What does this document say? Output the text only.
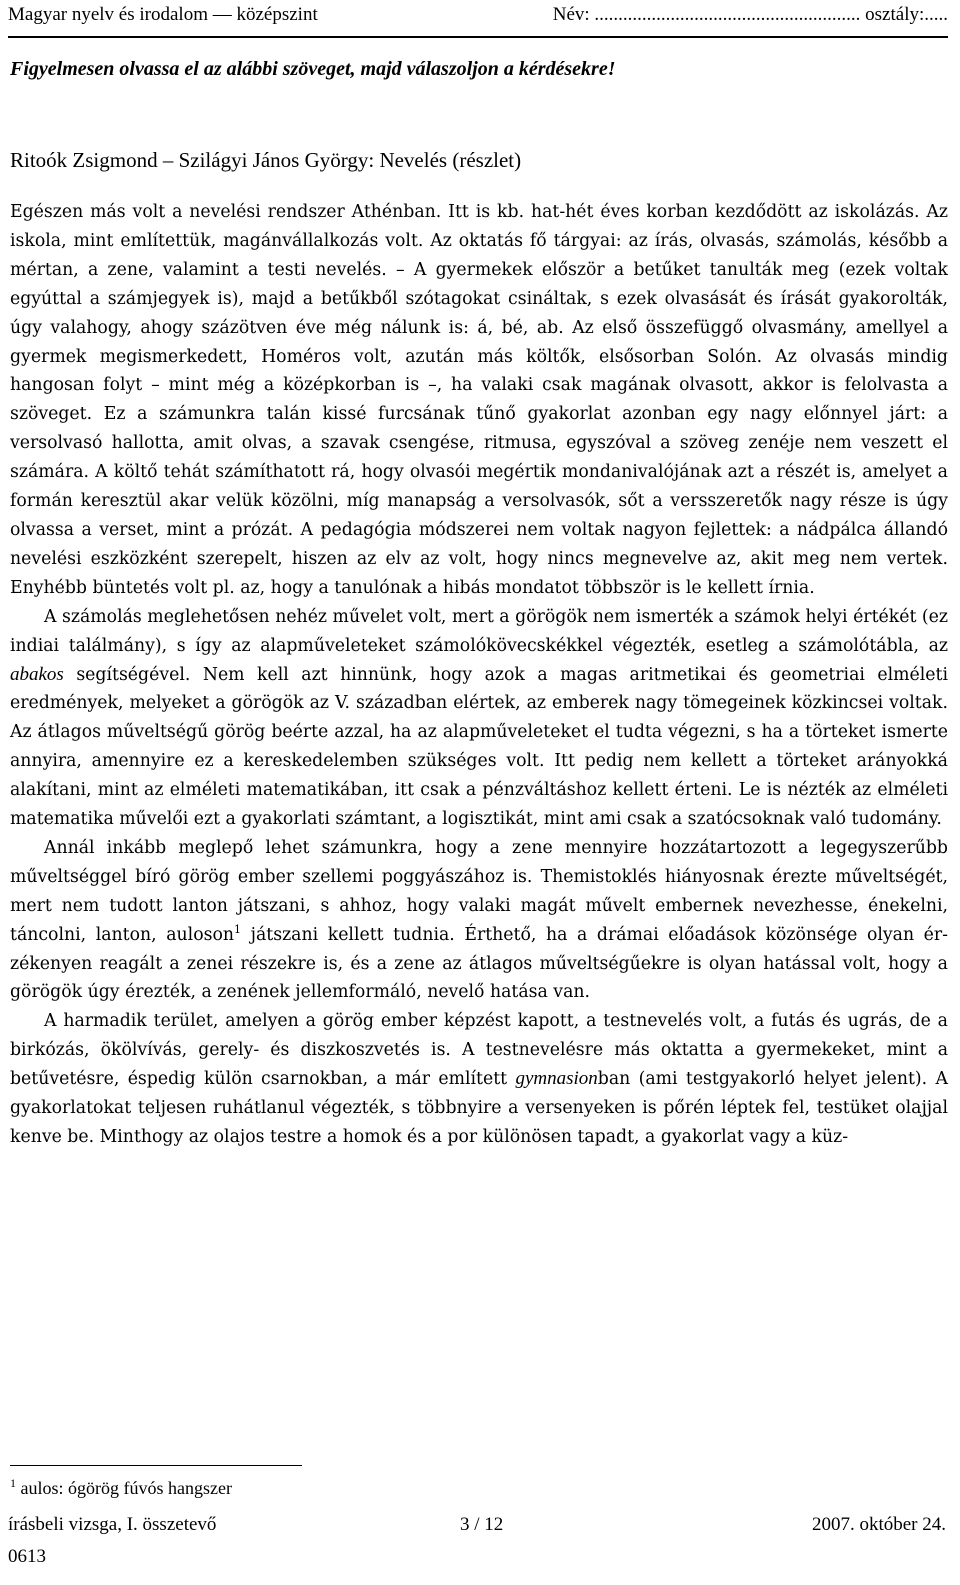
Magyar nyelv és irodalom — középszint	Név: ........................................................ osztály:.....
Figyelmesen olvassa el az alábbi szöveget, majd válaszoljon a kérdésekre!
Ritoók Zsigmond – Szilágyi János György: Nevelés (részlet)

Egészen más volt a nevelési rendszer Athénban. Itt is kb. hat-hét éves korban kezdődött az iskolázás. Az iskola, mint említettük, magánvállalkozás volt. Az oktatás fő tárgyai: az írás, olvasás, számolás, később a mértan, a zene, valamint a testi nevelés. – A gyermekek először a betűket tanulták meg (ezek voltak egyúttal a számjegyek is), majd a betűkből szótagokat csináltak, s ezek olvasását és írását gyakorolták, úgy valahogy, ahogy százötven éve még nálunk is: á, bé, ab. Az első összefüggő olvasmány, amellyel a gyermek megismerkedett, Homéros volt, azután más költők, elsősorban Solón. Az olvasás mindig hangosan folyt – mint még a középkorban is –, ha valaki csak magának olvasott, akkor is felolvasta a szöveget. Ez a számunkra talán kissé furcsának tűnő gyakorlat azonban egy nagy előnnyel járt: a versolvasó hallotta, amit olvas, a szavak csengése, ritmusa, egyszóval a szöveg zenéje nem veszett el számára. A költő tehát számíthatott rá, hogy olvasói megértik mondanivalójának azt a részét is, amelyet a formán keresztül akar velük közölni, míg manapság a versolvasók, sőt a versszeretők nagy része is úgy olvassa a verset, mint a prózát. A pedagógia módszerei nem voltak nagyon fejlettek: a nádpálca állandó nevelési eszközként szerepelt, hiszen az elv az volt, hogy nincs megnevelve az, akit meg nem vertek. Enyhébb büntetés volt pl. az, hogy a tanulónak a hibás mondatot többször is le kellett írnia.

A számolás meglehetősen nehéz művelet volt, mert a görögök nem ismerték a számok helyi értékét (ez indiai találmány), s így az alapműveleteket számolókövecskékkel végezték, esetleg a számolótábla, az abakos segítségével. Nem kell azt hinnünk, hogy azok a magas aritmetikai és geometriai elméleti eredmények, melyeket a görögök az V. században elértek, az emberek nagy tömegeinek közkincsei voltak. Az átlagos műveltségű görög beérte azzal, ha az alapműveleteket el tudta végezni, s ha a törteket ismerte annyira, amennyire ez a kereskedelemben szükséges volt. Itt pedig nem kellett a törteket arányokká alakítani, mint az elméleti matematikában, itt csak a pénzváltáshoz kellett érteni. Le is nézték az elméleti matematika művelői ezt a gyakorlati számtant, a logisztikát, mint ami csak a szatócsoknak való tudomány.

Annál inkább meglepő lehet számunkra, hogy a zene mennyire hozzátartozott a legegyszerűbb műveltséggel bíró görög ember szellemi poggyászához is. Themistoklés hiányosnak érezte műveltségét, mert nem tudott lanton játszani, s ahhoz, hogy valaki magát művelt embernek nevezhesse, énekelni, táncolni, lanton, auloson$^1$ játszani kellett tudnia. Érthető, ha a drámai előadások közönsége olyan érzékenyen reagált a zenei részekre is, és a zene az átlagos műveltségűekre is olyan hatással volt, hogy a görögök úgy érezték, a zenének jellemformáló, nevelő hatása van.

A harmadik terület, amelyen a görög ember képzést kapott, a testnevelés volt, a futás és ugrás, de a birkózás, ökölvívás, gerely- és diszkoszvetés is. A testnevelésre más oktatta a gyermekeket, mint a betűvetésre, éspedig külön csarnokban, a már említett gymnasionban (ami testgyakorló helyet jelent). A gyakorlatokat teljesen ruhátlanul végezték, s többnyire a versenyeken is pőrén léptek fel, testüket olajjal kenve be. Minthogy az olajos testre a homok és a por különösen tapadt, a gyakorlat vagy a küz-

$^1$ aulos: ógörög fúvós hangszer
írásbeli vizsga, I. összetevő	3 / 12	2007. október 24.
0613
